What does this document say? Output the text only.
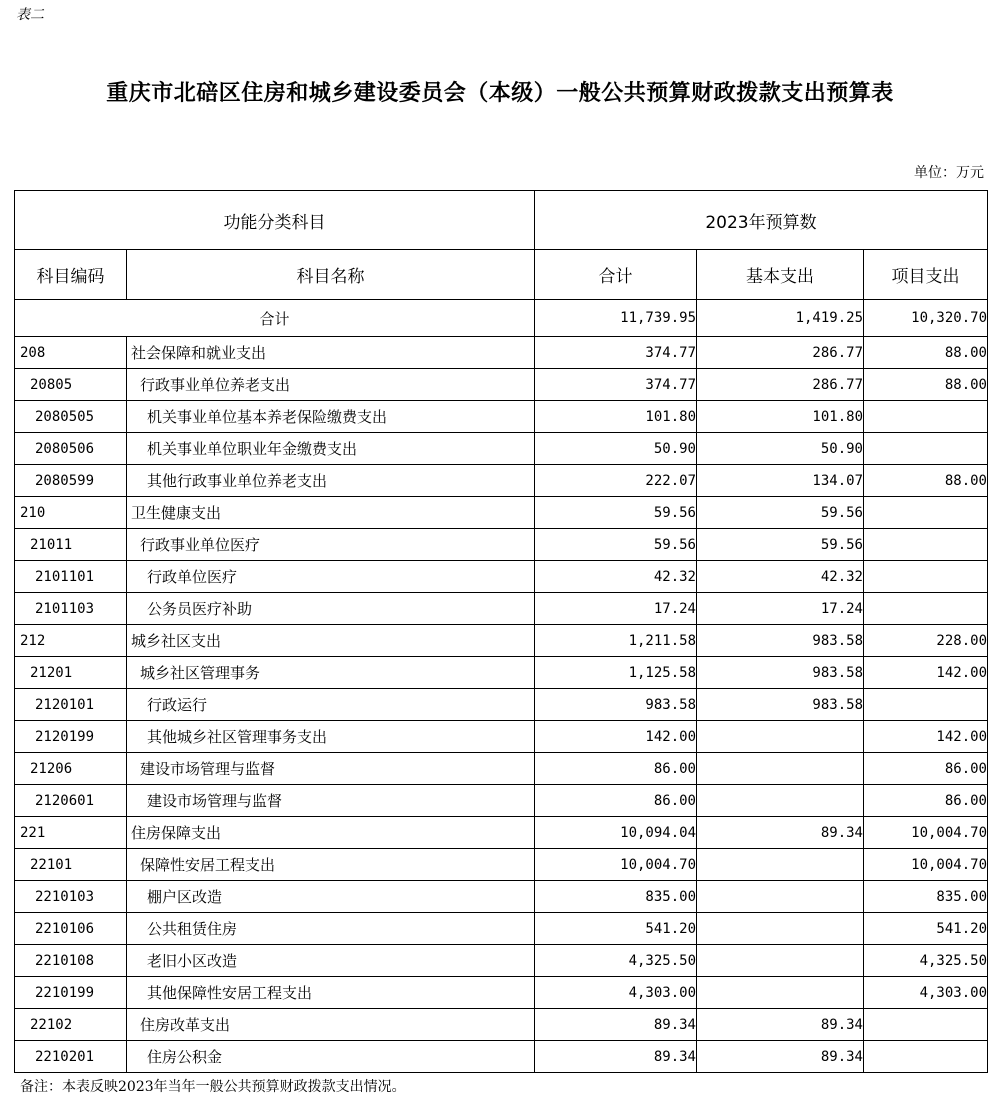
表二
重庆市北碚区住房和城乡建设委员会（本级）一般公共预算财政拨款支出预算表
单位：万元
功能分类科目		2023年预算数		
科目编码	科目名称	合计	基本支出	项目支出
合计		11,739.95	1,419.25	10,320.70
208	社会保障和就业支出	374.77	286.77	88.00
20805	行政事业单位养老支出	374.77	286.77	88.00
2080505	机关事业单位基本养老保险缴费支出	101.80	101.80	
2080506	机关事业单位职业年金缴费支出	50.90	50.90	
2080599	其他行政事业单位养老支出	222.07	134.07	88.00
210	卫生健康支出	59.56	59.56	
21011	行政事业单位医疗	59.56	59.56	
2101101	行政单位医疗	42.32	42.32	
2101103	公务员医疗补助	17.24	17.24	
212	城乡社区支出	1,211.58	983.58	228.00
21201	城乡社区管理事务	1,125.58	983.58	142.00
2120101	行政运行	983.58	983.58	
2120199	其他城乡社区管理事务支出	142.00		142.00
21206	建设市场管理与监督	86.00		86.00
2120601	建设市场管理与监督	86.00		86.00
221	住房保障支出	10,094.04	89.34	10,004.70
22101	保障性安居工程支出	10,004.70		10,004.70
2210103	棚户区改造	835.00		835.00
2210106	公共租赁住房	541.20		541.20
2210108	老旧小区改造	4,325.50		4,325.50
2210199	其他保障性安居工程支出	4,303.00		4,303.00
22102	住房改革支出	89.34	89.34	
2210201	住房公积金	89.34	89.34	
备注：本表反映2023年当年一般公共预算财政拨款支出情况。
